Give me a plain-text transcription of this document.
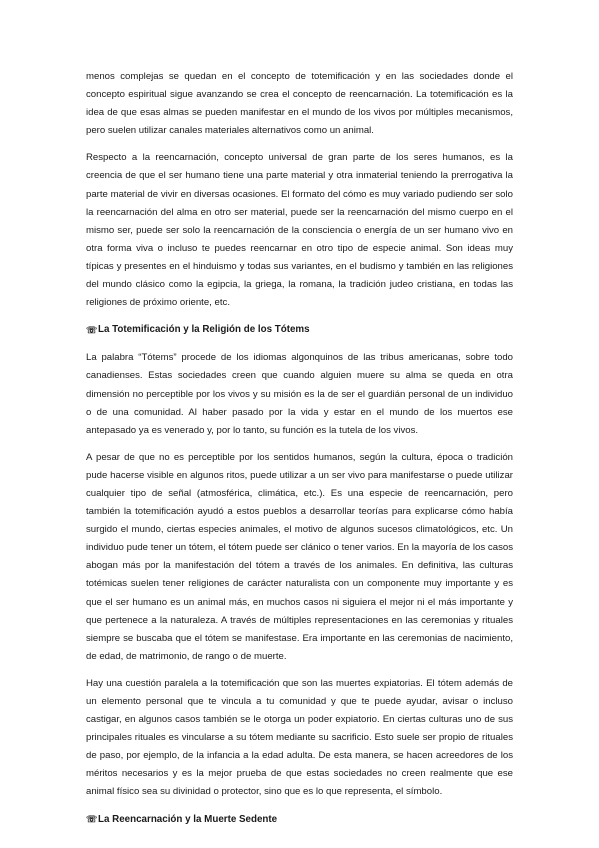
menos complejas se quedan en el concepto de totemificación y en las sociedades donde el concepto espiritual sigue avanzando se crea el concepto de reencarnación. La totemificación es la idea de que esas almas se pueden manifestar en el mundo de los vivos por múltiples mecanismos, pero suelen utilizar canales materiales alternativos como un animal.

Respecto a la reencarnación, concepto universal de gran parte de los seres humanos, es la creencia de que el ser humano tiene una parte material y otra inmaterial teniendo la prerrogativa la parte material de vivir en diversas ocasiones. El formato del cómo es muy variado pudiendo ser solo la reencarnación del alma en otro ser material, puede ser la reencarnación del mismo cuerpo en el mismo ser, puede ser solo la reencarnación de la consciencia o energía de un ser humano vivo en otra forma viva o incluso te puedes reencarnar en otro tipo de especie animal. Son ideas muy típicas y presentes en el hinduismo y todas sus variantes, en el budismo y también en las religiones del mundo clásico como la egipcia, la griega, la romana, la tradición judeo cristiana, en todas las religiones de próximo oriente, etc.

☏ La Totemificación y la Religión de los Tótems

La palabra “Tótems” procede de los idiomas algonquinos de las tribus americanas, sobre todo canadienses. Estas sociedades creen que cuando alguien muere su alma se queda en otra dimensión no perceptible por los vivos y su misión es la de ser el guardián personal de un individuo o de una comunidad. Al haber pasado por la vida y estar en el mundo de los muertos ese antepasado ya es venerado y, por lo tanto, su función es la tutela de los vivos.

A pesar de que no es perceptible por los sentidos humanos, según la cultura, época o tradición pude hacerse visible en algunos ritos, puede utilizar a un ser vivo para manifestarse o puede utilizar cualquier tipo de señal (atmosférica, climática, etc.). Es una especie de reencarnación, pero también la totemificación ayudó a estos pueblos a desarrollar teorías para explicarse cómo había surgido el mundo, ciertas especies animales, el motivo de algunos sucesos climatológicos, etc. Un individuo pude tener un tótem, el tótem puede ser clánico o tener varios. En la mayoría de los casos abogan más por la manifestación del tótem a través de los animales. En definitiva, las culturas totémicas suelen tener religiones de carácter naturalista con un componente muy importante y es que el ser humano es un animal más, en muchos casos ni siguiera el mejor ni el más importante y que pertenece a la naturaleza. A través de múltiples representaciones en las ceremonias y rituales siempre se buscaba que el tótem se manifestase. Era importante en las ceremonias de nacimiento, de edad, de matrimonio, de rango o de muerte.

Hay una cuestión paralela a la totemificación que son las muertes expiatorias. El tótem además de un elemento personal que te vincula a tu comunidad y que te puede ayudar, avisar o incluso castigar, en algunos casos también se le otorga un poder expiatorio. En ciertas culturas uno de sus principales rituales es vincularse a su tótem mediante su sacrificio. Esto suele ser propio de rituales de paso, por ejemplo, de la infancia a la edad adulta. De esta manera, se hacen acreedores de los méritos necesarios y es la mejor prueba de que estas sociedades no creen realmente que ese animal físico sea su divinidad o protector, sino que es lo que representa, el símbolo.

☏ La Reencarnación y la Muerte Sedente
